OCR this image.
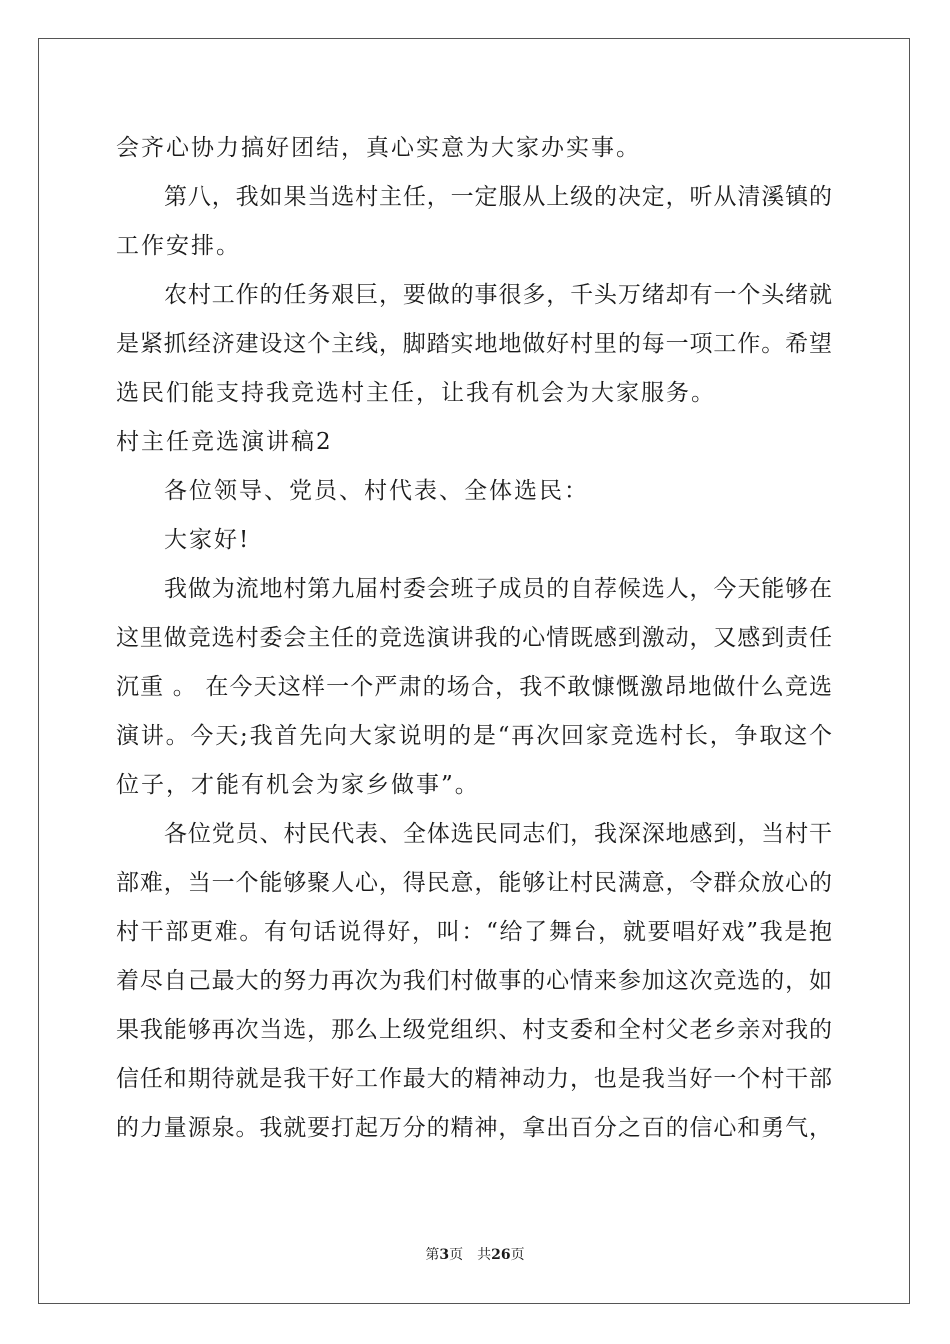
会齐心协力搞好团结，真心实意为大家办实事。
第八，我如果当选村主任，一定服从上级的决定，听从清溪镇的
工作安排。
农村工作的任务艰巨，要做的事很多，千头万绪却有一个头绪就
是紧抓经济建设这个主线，脚踏实地地做好村里的每一项工作。希望
选民们能支持我竞选村主任，让我有机会为大家服务。
村主任竞选演讲稿2
各位领导、党员、村代表、全体选民：
大家好!
我做为流地村第九届村委会班子成员的自荐候选人，今天能够在
这里做竞选村委会主任的竞选演讲我的心情既感到激动，又感到责任
沉重 。 在今天这样一个严肃的场合，我不敢慷慨激昂地做什么竞选
演讲。今天;我首先向大家说明的是“再次回家竞选村长，争取这个
位子，才能有机会为家乡做事”。
各位党员、村民代表、全体选民同志们，我深深地感到，当村干
部难，当一个能够聚人心，得民意，能够让村民满意，令群众放心的
村干部更难。有句话说得好，叫：“给了舞台，就要唱好戏”我是抱
着尽自己最大的努力再次为我们村做事的心情来参加这次竞选的，如
果我能够再次当选，那么上级党组织、村支委和全村父老乡亲对我的
信任和期待就是我干好工作最大的精神动力，也是我当好一个村干部
的力量源泉。我就要打起万分的精神，拿出百分之百的信心和勇气，
第3页　共26页
